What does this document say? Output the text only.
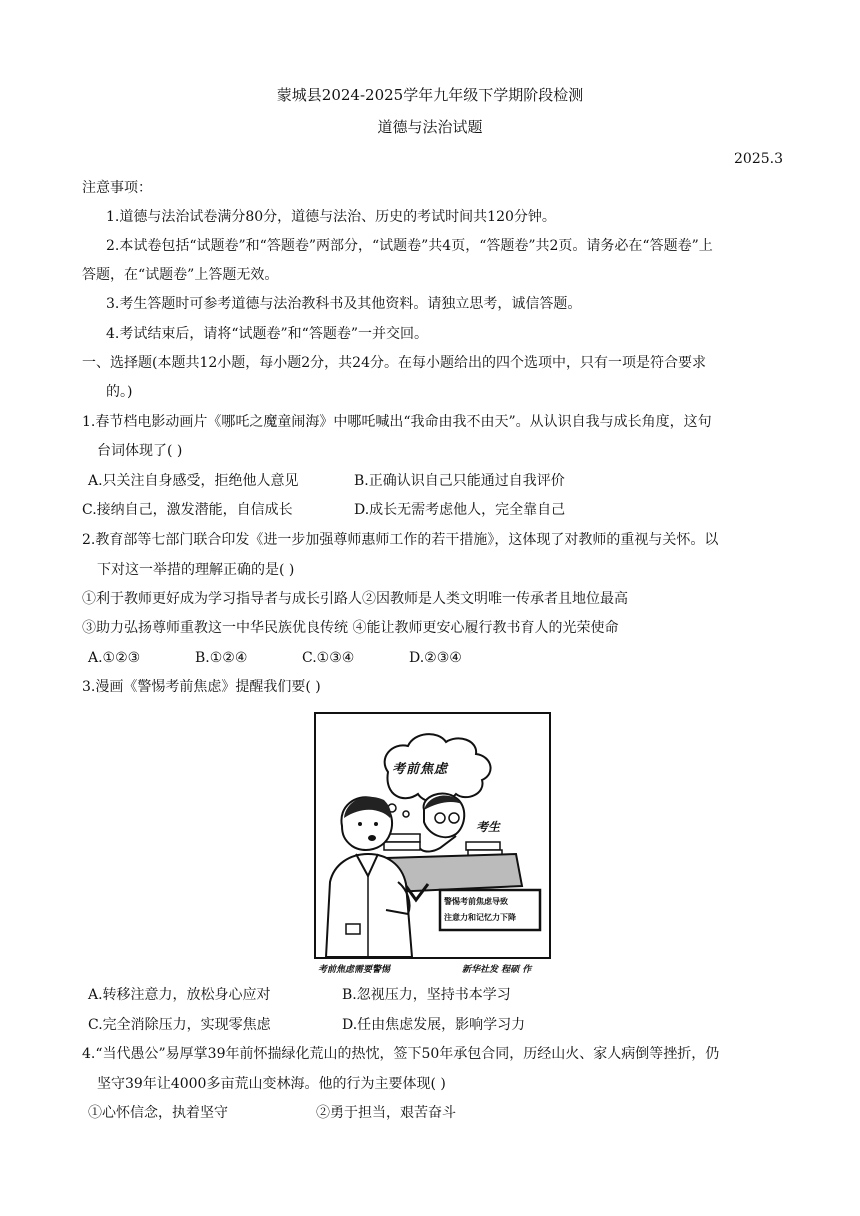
蒙城县2024-2025学年九年级下学期阶段检测
道德与法治试题
2025.3
注意事项：
1.道德与法治试卷满分80分，道德与法治、历史的考试时间共120分钟。
2.本试卷包括“试题卷”和“答题卷”两部分，“试题卷”共4页，“答题卷”共2页。请务必在“答题卷”上
答题，在“试题卷”上答题无效。
3.考生答题时可参考道德与法治教科书及其他资料。请独立思考，诚信答题。
4.考试结束后，请将“试题卷”和“答题卷”一并交回。
一、选择题(本题共12小题，每小题2分，共24分。在每小题给出的四个选项中，只有一项是符合要求
的。)
1.春节档电影动画片《哪吒之魔童闹海》中哪吒喊出“我命由我不由天”。从认识自我与成长角度，这句
台词体现了( )
A.只关注自身感受，拒绝他人意见	B.正确认识自己只能通过自我评价
C.接纳自己，激发潜能，自信成长	D.成长无需考虑他人，完全靠自己
2.教育部等七部门联合印发《进一步加强尊师惠师工作的若干措施》，这体现了对教师的重视与关怀。以
下对这一举措的理解正确的是( )
①利于教师更好成为学习指导者与成长引路人②因教师是人类文明唯一传承者且地位最高
③助力弘扬尊师重教这一中华民族优良传统 ④能让教师更安心履行教书育人的光荣使命
A.①②③	B.①②④	C.①③④	D.②③④
3.漫画《警惕考前焦虑》提醒我们要( )
考前焦虑
考生
警惕考前焦虑导致
注意力和记忆力下降
考前焦虑需要警惕	新华社发 程硕 作
A.转移注意力，放松身心应对	B.忽视压力，坚持书本学习
C.完全消除压力，实现零焦虑	D.任由焦虑发展，影响学习力
4.“当代愚公”易厚掌39年前怀揣绿化荒山的热忱，签下50年承包合同，历经山火、家人病倒等挫折，仍
坚守39年让4000多亩荒山变林海。他的行为主要体现( )
①心怀信念，执着坚守	②勇于担当，艰苦奋斗
